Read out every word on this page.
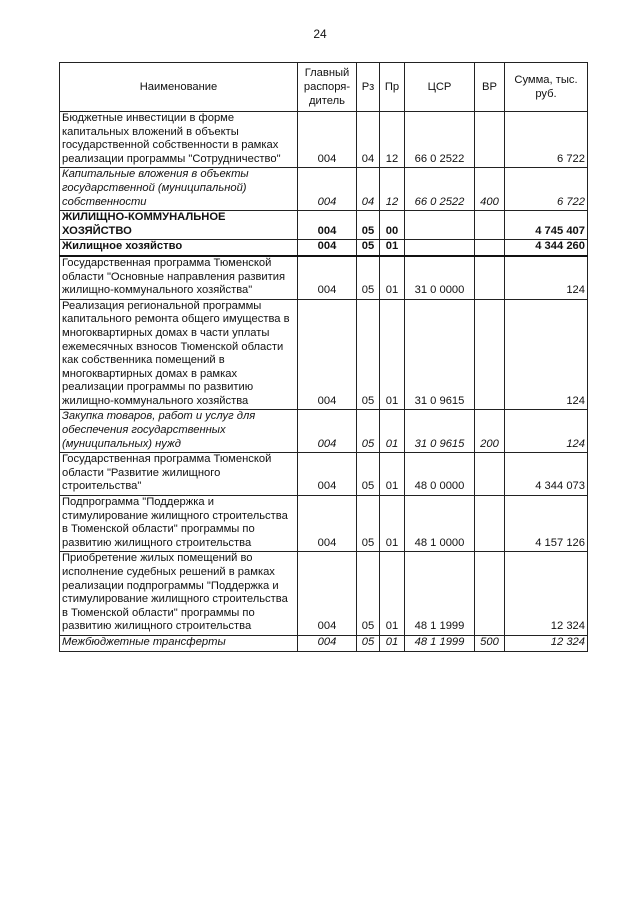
24
Наименование	Главный распоря- дитель	Рз	Пр	ЦСР	ВР	Сумма, тыс. руб.
Бюджетные инвестиции в форме капитальных вложений в объекты государственной собственности в рамках реализации программы "Сотрудничество"	004	04	12	66 0 2522		6 722
Капитальные вложения в объекты государственной (муниципальной) собственности	004	04	12	66 0 2522	400	6 722
ЖИЛИЩНО-КОММУНАЛЬНОЕ ХОЗЯЙСТВО	004	05	00			4 745 407
Жилищное хозяйство	004	05	01			4 344 260
Государственная программа Тюменской области "Основные направления развития жилищно-коммунального хозяйства"	004	05	01	31 0 0000		124
Реализация региональной программы капитального ремонта общего имущества в многоквартирных домах в части уплаты ежемесячных взносов Тюменской области как собственника помещений в многоквартирных домах в рамках реализации программы по развитию жилищно-коммунального хозяйства	004	05	01	31 0 9615		124
Закупка товаров, работ и услуг для обеспечения государственных (муниципальных) нужд	004	05	01	31 0 9615	200	124
Государственная программа Тюменской области "Развитие жилищного строительства"	004	05	01	48 0 0000		4 344 073
Подпрограмма "Поддержка и стимулирование жилищного строительства в Тюменской области" программы по развитию жилищного строительства	004	05	01	48 1 0000		4 157 126
Приобретение жилых помещений во исполнение судебных решений в рамках реализации подпрограммы "Поддержка и стимулирование жилищного строительства в Тюменской области" программы по развитию жилищного строительства	004	05	01	48 1 1999		12 324
Межбюджетные трансферты	004	05	01	48 1 1999	500	12 324
